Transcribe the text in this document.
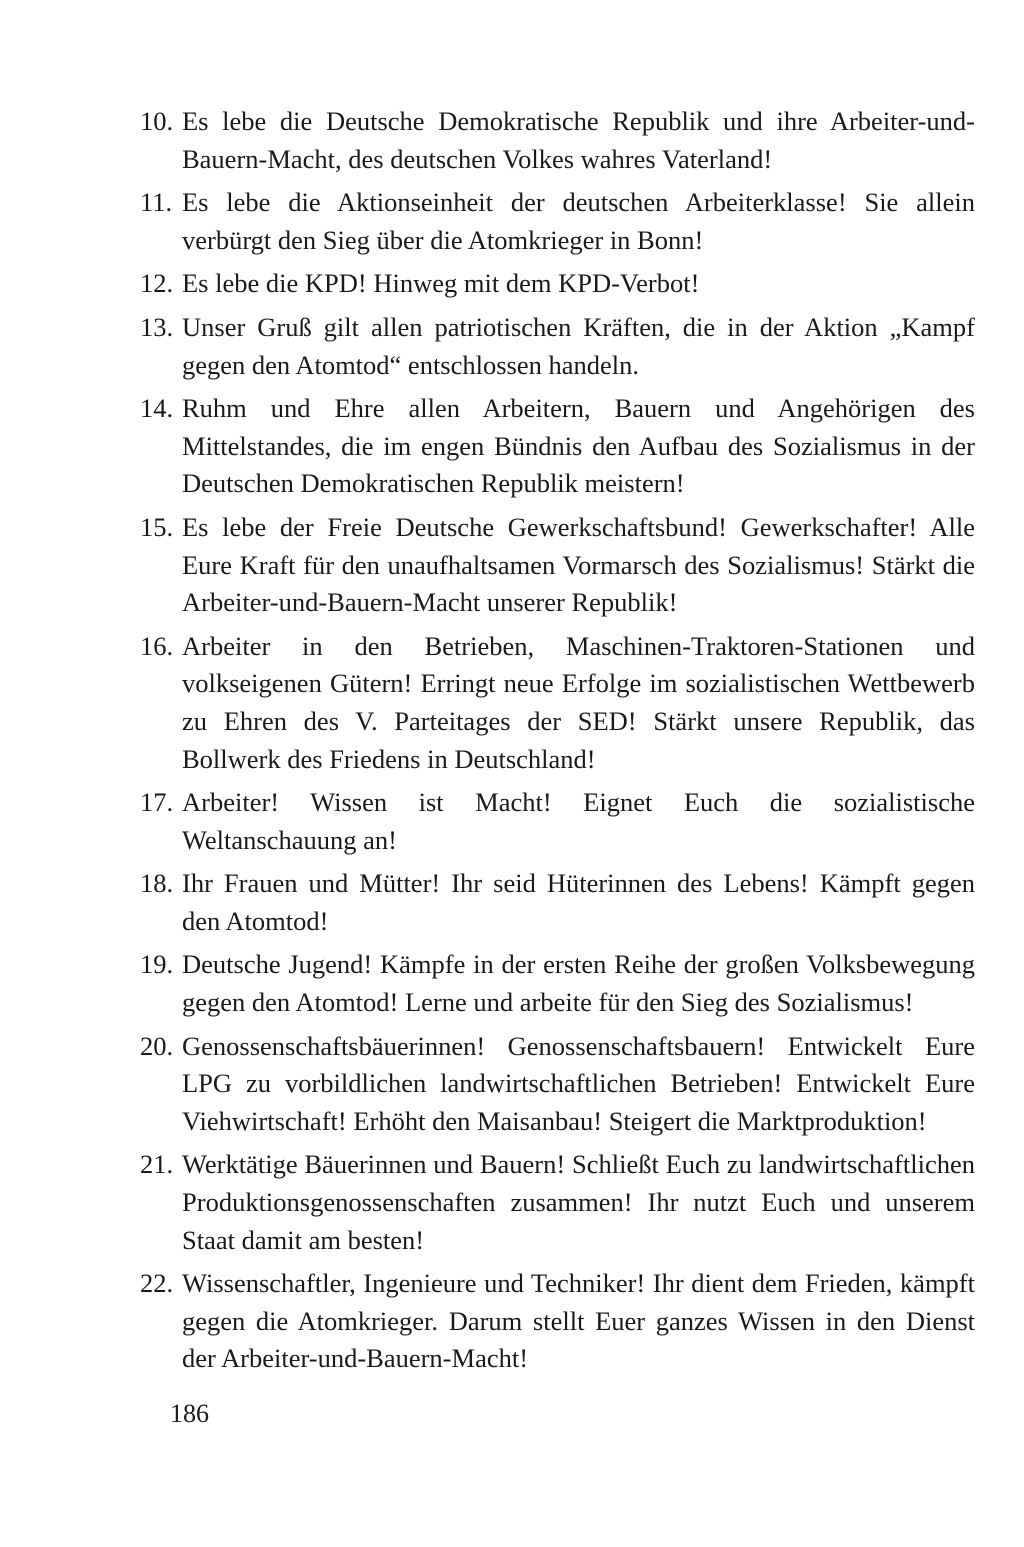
10. Es lebe die Deutsche Demokratische Republik und ihre Arbeiter-und-Bauern-Macht, des deutschen Volkes wahres Vaterland!
11. Es lebe die Aktionseinheit der deutschen Arbeiterklasse! Sie allein verbürgt den Sieg über die Atomkrieger in Bonn!
12. Es lebe die KPD! Hinweg mit dem KPD-Verbot!
13. Unser Gruß gilt allen patriotischen Kräften, die in der Aktion „Kampf gegen den Atomtod“ entschlossen handeln.
14. Ruhm und Ehre allen Arbeitern, Bauern und Angehörigen des Mittelstandes, die im engen Bündnis den Aufbau des Sozialismus in der Deutschen Demokratischen Republik meistern!
15. Es lebe der Freie Deutsche Gewerkschaftsbund! Gewerkschafter! Alle Eure Kraft für den unaufhaltsamen Vormarsch des Sozialismus! Stärkt die Arbeiter-und-Bauern-Macht unserer Republik!
16. Arbeiter in den Betrieben, Maschinen-Traktoren-Stationen und volkseigenen Gütern! Erringt neue Erfolge im sozialistischen Wettbewerb zu Ehren des V. Parteitages der SED! Stärkt unsere Republik, das Bollwerk des Friedens in Deutschland!
17. Arbeiter! Wissen ist Macht! Eignet Euch die sozialistische Weltanschauung an!
18. Ihr Frauen und Mütter! Ihr seid Hüterinnen des Lebens! Kämpft gegen den Atomtod!
19. Deutsche Jugend! Kämpfe in der ersten Reihe der großen Volksbewegung gegen den Atomtod! Lerne und arbeite für den Sieg des Sozialismus!
20. Genossenschaftsbäuerinnen! Genossenschaftsbauern! Entwickelt Eure LPG zu vorbildlichen landwirtschaftlichen Betrieben! Entwickelt Eure Viehwirtschaft! Erhöht den Maisanbau! Steigert die Marktproduktion!
21. Werktätige Bäuerinnen und Bauern! Schließt Euch zu landwirtschaftlichen Produktionsgenossenschaften zusammen! Ihr nutzt Euch und unserem Staat damit am besten!
22. Wissenschaftler, Ingenieure und Techniker! Ihr dient dem Frieden, kämpft gegen die Atomkrieger. Darum stellt Euer ganzes Wissen in den Dienst der Arbeiter-und-Bauern-Macht!
186
